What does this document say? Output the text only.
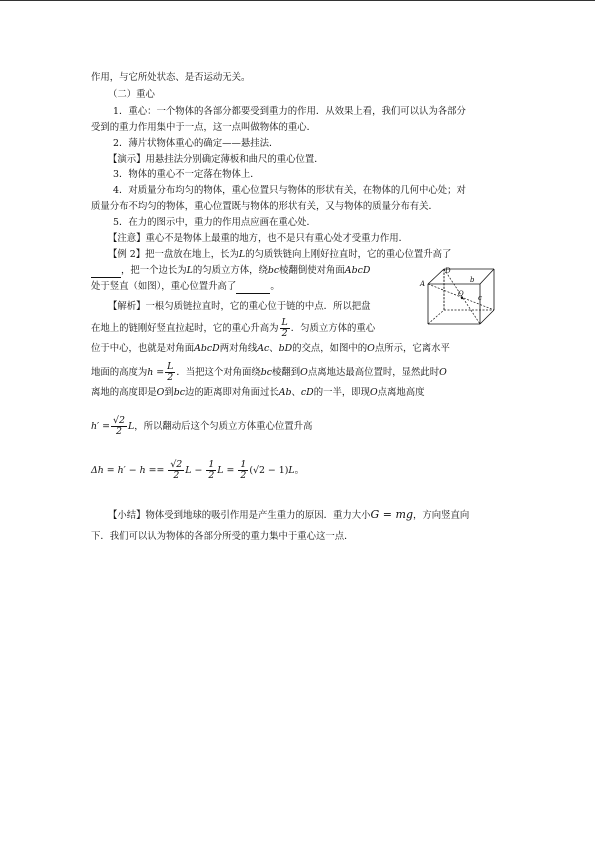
作用，与它所处状态、是否运动无关。
（二）重心
1．重心：一个物体的各部分都要受到重力的作用．从效果上看，我们可以认为各部分
受到的重力作用集中于一点，这一点叫做物体的重心．
2．薄片状物体重心的确定——悬挂法．
【演示】用悬挂法分别确定薄板和曲尺的重心位置．
3．物体的重心不一定落在物体上．
4．对质量分布均匀的物体，重心位置只与物体的形状有关，在物体的几何中心处；对
质量分布不均匀的物体，重心位置既与物体的形状有关，又与物体的质量分布有关．
5．在力的图示中，重力的作用点应画在重心处．
【注意】重心不是物体上最重的地方，也不是只有重心处才受重力作用．
【例 2】把一盘放在地上，长为L的匀质铁链向上刚好拉直时，它的重心位置升高了
，把一个边长为L的匀质立方体，绕bc棱翻倒使对角面AbcD
处于竖直（如图），重心位置升高了	。	A
D
O
b
c
【解析】一根匀质链拉直时，它的重心位于链的中点．所以把盘
在地上的链刚好竖直拉起时，它的重心升高为 $\frac{L}{2}$ ．匀质立方体的重心
位于中心，也就是对角面AbcD两对角线Ac、bD的交点，如图中的O点所示，它离水平
地面的高度为$h = \frac{L}{2}$ ．当把这个对角面绕bc棱翻到O点离地达最高位置时，显然此时O
离地的高度即是O到bc边的距离即对角面过长Ab、cD的一半，即现O点离地高度
$h' = \frac{√2}{2}$ L，所以翻动后这个匀质立方体重心位置升高
$\Delta h = h' - h == \frac{√2}{2}$ $L - \frac{1}{2}$ $L = \frac{1}{2} (√2 - 1)L$。
【小结】物体受到地球的吸引作用是产生重力的原因．重力大小G = mg，方向竖直向
下．我们可以认为物体的各部分所受的重力集中于重心这一点．
